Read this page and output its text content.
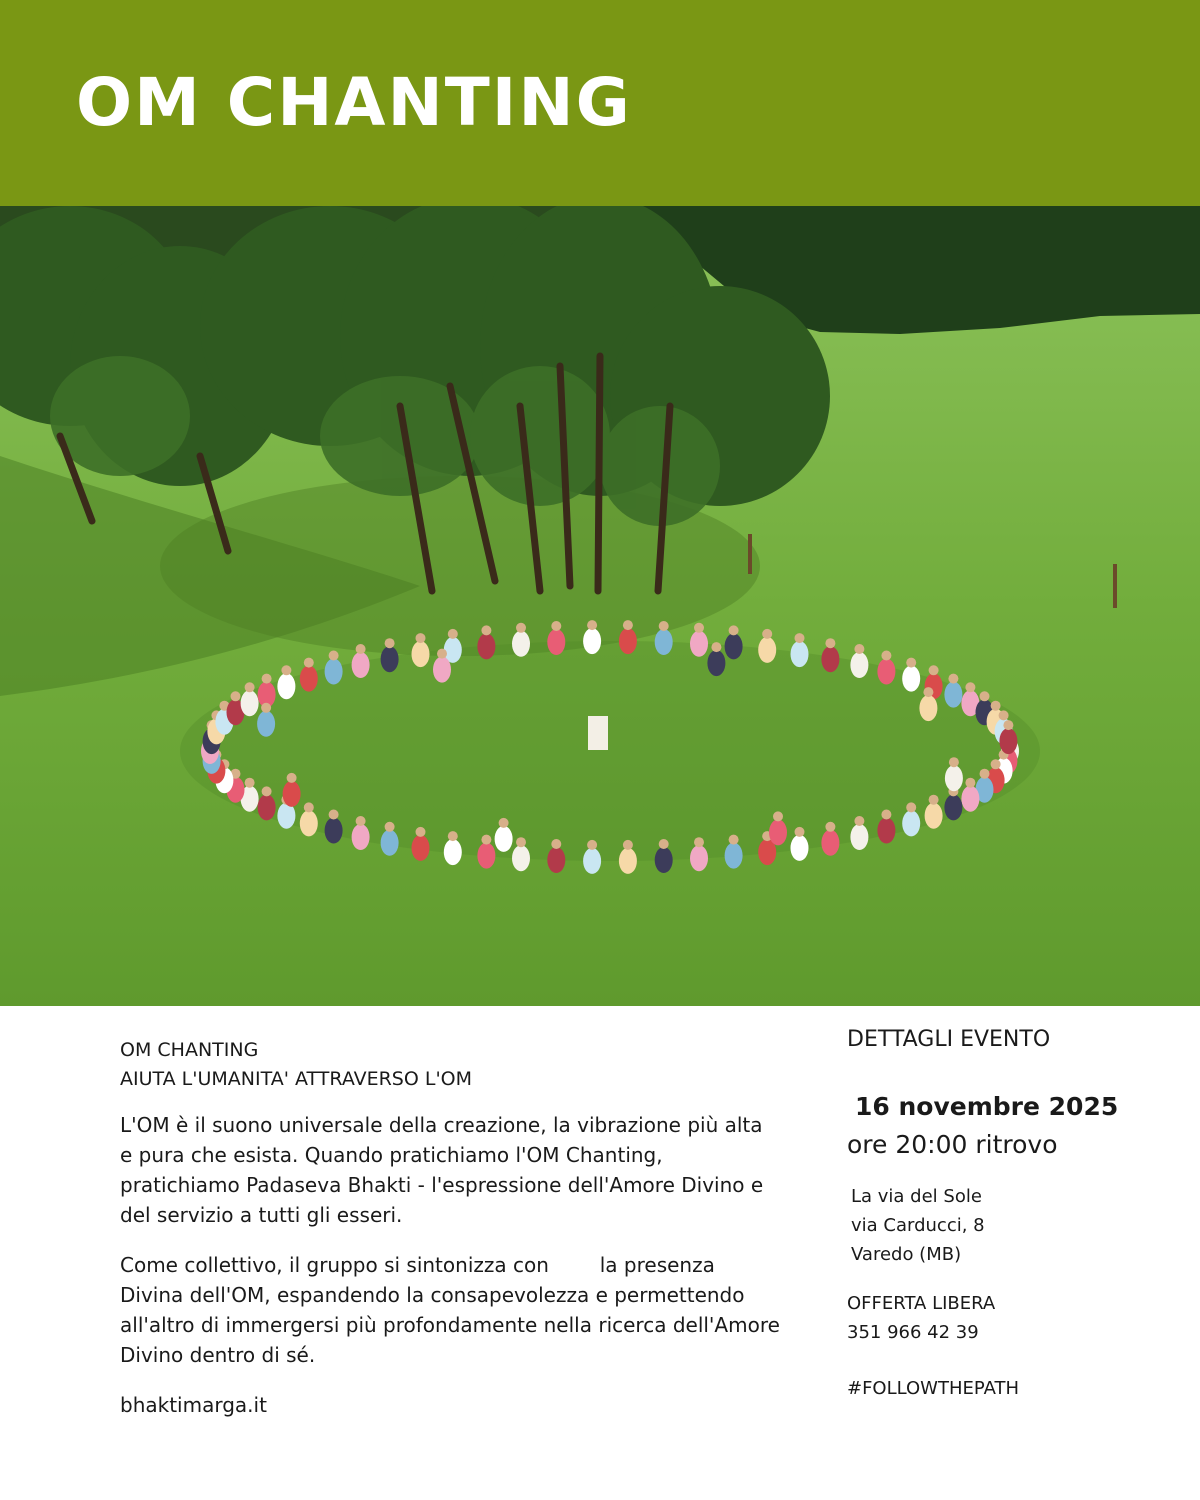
OM CHANTING
OM CHANTING
AIUTA L'UMANITA' ATTRAVERSO L'OM

L'OM è il suono universale della creazione, la vibrazione più alta e pura che esista. Quando pratichiamo l'OM Chanting, pratichiamo Padaseva Bhakti - l'espressione dell'Amore Divino e del servizio a tutti gli esseri.

Come collettivo, il gruppo si sintonizza con        la presenza Divina dell'OM, espandendo la consapevolezza e permettendo all'altro di immergersi più profondamente nella ricerca dell'Amore Divino dentro di sé.

bhaktimarga.it
DETTAGLI EVENTO
16 novembre 2025
ore 20:00 ritrovo
La via del Sole
via Carducci, 8
Varedo (MB)
OFFERTA LIBERA
351 966 42 39
#FOLLOWTHEPATH
